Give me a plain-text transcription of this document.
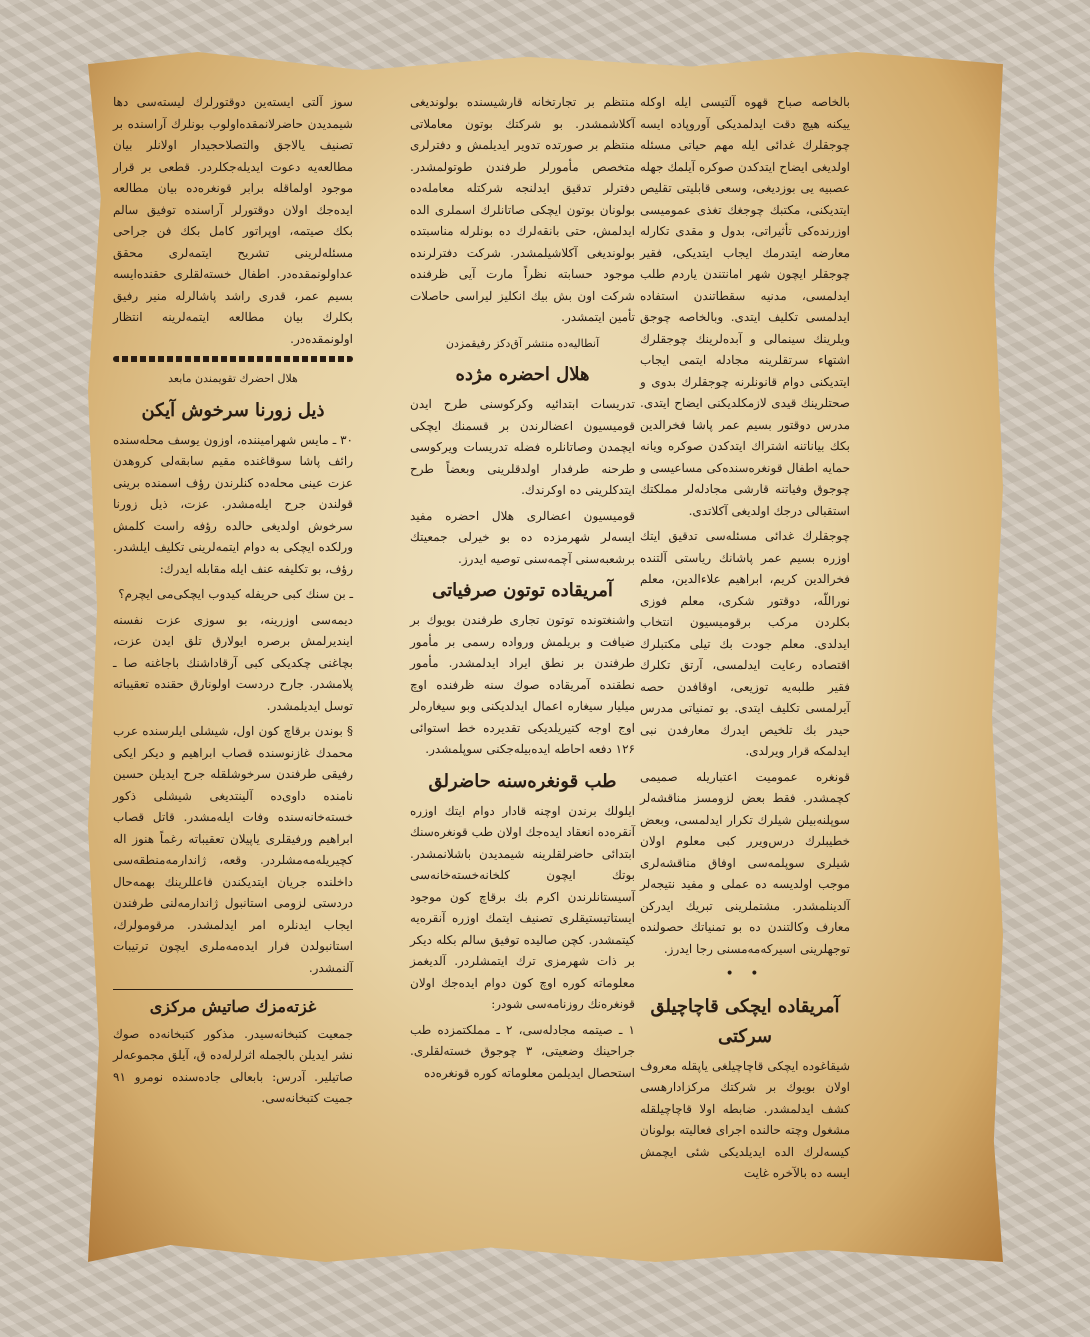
بالخاصه صباح قهوه آلتیسی ایله اوکله ییکنه هیچ دقت ایدلمدیکی آوروپاده ایسه چوجقلرك غدائی ایله مهم حیاتی مسئله اولدیغی ایضاح ایتدکدن صوکره آیلمك جهله عصبیه یی بوزدیغی، وسعی قابلیتی تقلیص ایتدیکنی، مکتبك چوجغك تغذی عمومیسی اوزرنده‌کی تأثیراتی، بدول و مقدی تکارله معارضه ایتدرمك ایجاب ایتدیکی، فقیر چوجقلر ایچون شهر امانتندن یاردم طلب ایدلمسی، مدنیه سقطاتندن استفاده ایدلمسی تکلیف ایتدی. وبالخاصه چوجق ویلرینك سینمالی و آبده‌لرینك چوجقلرك اشتهاء سرتقلرینه مجادله ایتمی ایجاب ایتدیکنی دوام قانونلرنه چوجقلرك بدوی و صحتلرینك قیدی لازمکلدیکنی ایضاح ایتدی. مدرس دوقتور بسیم عمر پاشا فخرالدین بکك بیاناتنه اشتراك ایتدکدن صوکره ویانه حمایه اطفال قونغره‌سنده‌کی مساعیسی و چوجوق وفیاتنه قارشی مجادله‌لر مملکتك استقبالی درجك اولدیغی آکلاتدی.

چوجقلرك غدائی مسئله‌سی تدقیق ایتك اوزره بسیم عمر پاشانك ریاستی آلتنده فخرالدین کریم، ابراهیم علاءالدین، معلم نوراللّه، دوقتور شکری، معلم فوزی بکلردن مرکب برقومیسیون انتخاب ایدلدی. معلم جودت بك تیلی مکتبلرك اقتصاده رعایت ایدلمسی، آرتق تکلرك فقیر طلبه‌یه توزیعی، اوقافدن حصه آیرلمسی تکلیف ایتدی. بو تمنیاتی مدرس حیدر بك تلخیص ایدرك معارفدن نبی ایدلمکه قرار ویرلدی.

قونغره عمومیت اعتباریله صمیمی کچمشدر. فقط بعض لزومسز مناقشه‌لر سوپلنه‌بیلن شیلرك تکرار ایدلمسی، وبعض خطیبلرك درس‌ویرر کبی معلوم اولان شیلری سوپلمه‌سی اوفاق مناقشه‌لری موجب اولدیسه ده عملی و مفید نتیجه‌لر آلدینلمشدر. مشتملرینی تبریك ایدرکن معارف وکالتندن ده بو تمنیاتك حصولنده توجهلرینی اسیرکه‌مه‌مسنی رجا ایدرز.

• •
آمریقاده ایچکی قاچاچیلق سرکتی

شیقاغوده ایچکی قاچاچیلغی یاپقله معروف اولان بویوك بر شرکتك مرکزادارهسی کشف ایدلمشدر. ضابطه اولا قاچاچیلقله مشغول وچته حالنده اجرای فعالیته بولونان کیسه‌لرك الده ایدیلدیکی شئی ایچمش ایسه ده بالآخره غایت

منتظم بر تجارتخانه قارشیسنده بولوندیغی آکلاشمشدر. بو شرکتك بوتون معاملاتی منتظم بر صورتده تدویر ایدیلمش و دفترلری متخصص مأمورلر طرفندن طوتولمشدر. دفترلر تدقیق ایدلنجه شرکتله معامله‌ده بولونان بوتون ایچکی صاتانلرك اسملری الده ایدلمش، حتی بانقه‌لرك ده بونلرله مناسبتده بولوندیغی آکلاشیلمشدر. شرکت دفترلرنده موجود حسابته نظراً مارت آیی ظرفنده شرکت اون بش بیك انکلیز لیراسی حاصلات تأمین ایتمشدر.

آنطالیه‌ده منتشر آق‌دکز رفیقمزدن
هلال احضره مژده

تدریسات ابتدائیه وکرکوسنی طرح ایدن قومیسیون اعضالرندن بر قسمنك ایچکی ایچمدن وصاتانلره فضله تدریسات ویرکوسی طرحنه طرفدار اولدقلرینی وبعضاً طرح ایتدکلرینی ده اوکرندك.

قومیسیون اعضالری هلال احضره مفید ایسه‌لر شهرمزده ده بو خیرلی جمعیتك برشعبه‌سنی آچمه‌سنی توصیه ایدرز.

آمریقاده توتون صرفیاتی

واشنغتونده توتون تجاری طرفندن بویوك بر ضیافت و بریلمش ورواده رسمی بر مأمور طرفندن بر نطق ایراد ایدلمشدر. مأمور نطقنده آمریقاده صوك سنه ظرفنده اوچ میلیار سیغاره اعمال ایدلدیکنی وبو سیغاره‌لر اوج اوجه کتیریلدیکی تقدیرده خط استوائی ۱۲۶ دفعه احاطه ایده‌بیله‌جکنی سوپلمشدر.

طب قونغره‌سنه حاضرلق

ایلولك برندن اوچنه قادار دوام ایتك اوزره آنقره‌ده انعقاد ایده‌جك اولان طب قونغره‌سنك ابتدائی حاضرلقلرینه شیمدیدن باشلانمشدر. بوتك ایچون کلخانه‌خسته‌خانه‌سی آسیستانلرندن اکرم بك برقاچ کون موجود ایستاتیستیقلری تصنیف ایتمك اوزره آنقره‌یه کیتمشدر. کچن صالیده توفیق سالم بکله دیکر بر ذات شهرمزی ترك ایتمشلردر. آلدیغمز معلوماته کوره اوچ کون دوام ایده‌جك اولان قونغره‌نك روزنامه‌سی شودر:

۱ ـ صیتمه مجادله‌سی، ۲ ـ مملکتمزده طب جراحینك وضعیتی، ۳ چوجوق خسته‌لقلری. استحصال ایدیلمن معلوماته کوره قونغره‌ده

سوز آلتی ایسته‌ین دوقتورلرك لیسته‌سی دها شیمدیدن حاضرلانمقده‌اولوب بونلرك آراسنده بر تصنیف یالاجق والتصلاحجیدار اولانلر بیان مطالعه‌یه دعوت ایدیله‌جکلردر. قطعی بر قرار موجود اولماقله برابر قونغره‌ده بیان مطالعه ایده‌جك اولان دوقتورلر آراسنده توفیق سالم بکك صیتمه، اوپراتور کامل بکك فن جراحی مسئله‌لرینی تشریح ایتمه‌لری محقق عداولونمقده‌در. اطفال خسته‌لقلری حقنده‌ایسه بسیم عمر، قدری راشد پاشالرله منیر رفیق بکلرك بیان مطالعه ایتمه‌لرینه انتظار اولونمقده‌در.

هلال احضرك تقویمندن مابعد
ذیل زورنا سرخوش آیکن

۳۰ ـ مایس شهرامیننده، اوزون یوسف محله‌سنده رائف پاشا سوقاغنده مقیم سابقه‌لی کروهدن عزت عینی محله‌ده کنلرندن رؤف اسمنده برینی قولندن جرح ایله‌مشدر. عزت، ذیل زورنا سرخوش اولدیغی حالده رؤفه راست کلمش ورلکده ایچکی به دوام ایتمه‌لرینی تکلیف ایلشدر. رؤف، بو تکلیفه عنف ایله مقابله ایدرك:

ـ بن سنك کبی حریفله کیدوب ایچکی‌می ایچرم؟

دیمه‌سی اوزرینه، بو سوزی عزت نفسنه ایندیرلمش برصره ایولارق تلق ایدن عزت، بچاغنی چکدیکی کبی آرقاداشنك باجاغنه صا ـ پلامشدر. جارح دردست اولونارق حقنده تعقیباته توسل ایدیلمشدر.

§ بوندن برقاچ کون اول، شیشلی ایلرسنده عرب محمدك غازنوسنده قصاب ابراهیم و دیکر ایکی رفیقی طرفندن سرخوشلقله جرح ایدیلن حسین نامنده داوی‌ده آلینتدیغی شیشلی ذکور خسته‌خانه‌سنده وفات ایله‌مشدر. قاتل قصاب ابراهیم ورفیقلری یاپیلان تعقیباته رغماً هنوز اله کچیریله‌مه‌مشلردر. وقعه، ژاندارمه‌منطقه‌سی داخلنده جریان ایتدیکندن فاعللرینك بهمه‌حال دردستی لزومی استانبول ژاندارمه‌لنی طرفندن ایجاب ایدنلره امر ایدلمشدر. مرقومولرك، استانبولدن فرار ایده‌مه‌ملری ایچون ترتیبات آلنمشدر.

غزته‌مزك صاتیش مرکزی

جمعیت کتبخانه‌سیدر. مذکور کتبخانه‌ده صوك نشر ایدیلن بالجمله اثرلرله‌ده ق، آیلق مجموعه‌لر صاتیلیر. آدرس: بابعالی جاده‌سنده نومرو ۹۱ جمیت کتبخانه‌سی.
